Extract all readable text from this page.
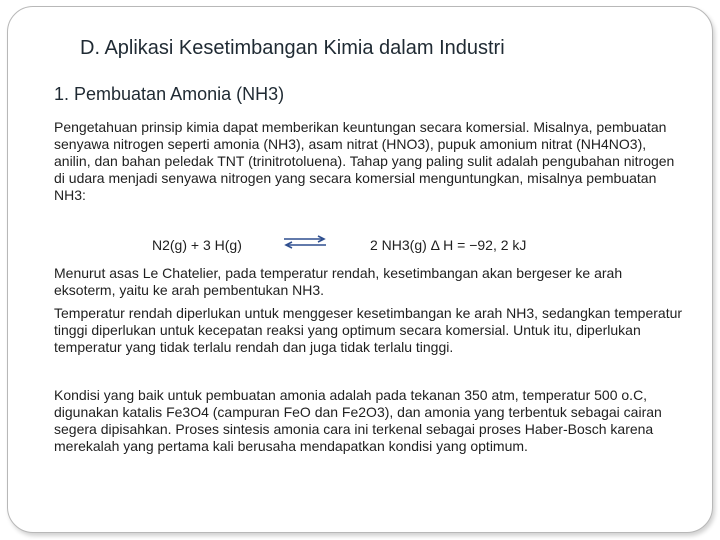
D. Aplikasi Kesetimbangan Kimia dalam Industri
1. Pembuatan Amonia (NH3)
Pengetahuan prinsip kimia dapat memberikan keuntungan secara komersial. Misalnya, pembuatan senyawa nitrogen seperti amonia (NH3), asam nitrat (HNO3), pupuk amonium nitrat (NH4NO3), anilin, dan bahan peledak TNT (trinitrotoluena). Tahap yang paling sulit adalah pengubahan nitrogen di udara menjadi senyawa nitrogen yang secara komersial menguntungkan, misalnya pembuatan NH3:
N2(g) + 3 H(g)	2 NH3(g) Δ H = −92, 2 kJ
Menurut asas Le Chatelier, pada temperatur rendah, kesetimbangan akan bergeser ke arah eksoterm, yaitu ke arah pembentukan NH3.
Temperatur rendah diperlukan untuk menggeser kesetimbangan ke arah NH3, sedangkan temperatur tinggi diperlukan untuk kecepatan reaksi yang optimum secara komersial. Untuk itu, diperlukan temperatur yang tidak terlalu rendah dan juga tidak terlalu tinggi.
Kondisi yang baik untuk pembuatan amonia adalah pada tekanan 350 atm, temperatur 500 o.C, digunakan katalis Fe3O4 (campuran FeO dan Fe2O3), dan amonia yang terbentuk sebagai cairan segera dipisahkan. Proses sintesis amonia cara ini terkenal sebagai proses Haber-Bosch karena merekalah yang pertama kali berusaha mendapatkan kondisi yang optimum.
